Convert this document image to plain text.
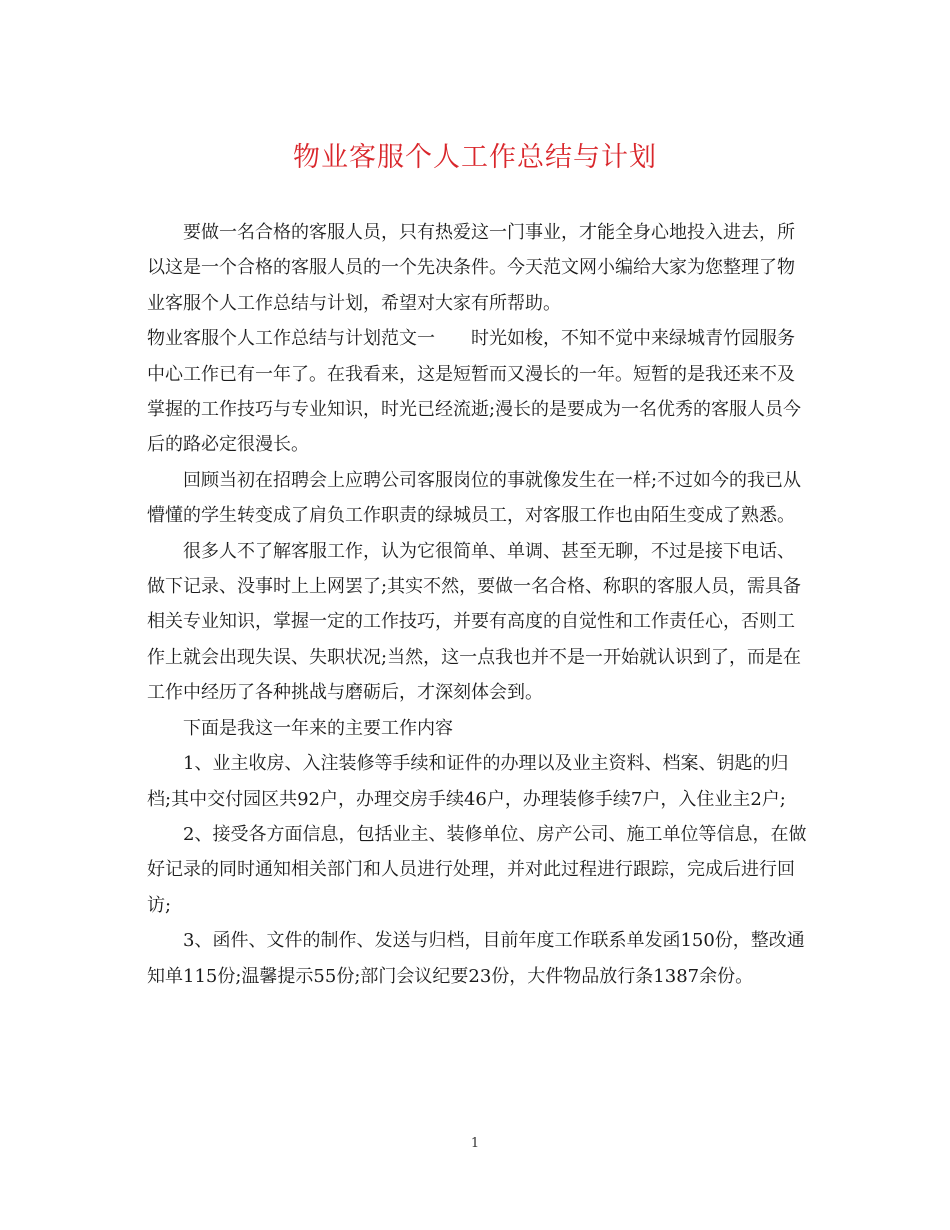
物业客服个人工作总结与计划

要做一名合格的客服人员，只有热爱这一门事业，才能全身心地投入进去，所以这是一个合格的客服人员的一个先决条件。今天范文网小编给大家为您整理了物业客服个人工作总结与计划，希望对大家有所帮助。

物业客服个人工作总结与计划范文一　　时光如梭，不知不觉中来绿城青竹园服务中心工作已有一年了。在我看来，这是短暂而又漫长的一年。短暂的是我还来不及掌握的工作技巧与专业知识，时光已经流逝;漫长的是要成为一名优秀的客服人员今后的路必定很漫长。

回顾当初在招聘会上应聘公司客服岗位的事就像发生在一样;不过如今的我已从懵懂的学生转变成了肩负工作职责的绿城员工，对客服工作也由陌生变成了熟悉。

很多人不了解客服工作，认为它很简单、单调、甚至无聊，不过是接下电话、做下记录、没事时上上网罢了;其实不然，要做一名合格、称职的客服人员，需具备相关专业知识，掌握一定的工作技巧，并要有高度的自觉性和工作责任心，否则工作上就会出现失误、失职状况;当然，这一点我也并不是一开始就认识到了，而是在工作中经历了各种挑战与磨砺后，才深刻体会到。

下面是我这一年来的主要工作内容

1、业主收房、入注装修等手续和证件的办理以及业主资料、档案、钥匙的归档;其中交付园区共92户，办理交房手续46户，办理装修手续7户，入住业主2户;

2、接受各方面信息，包括业主、装修单位、房产公司、施工单位等信息，在做好记录的同时通知相关部门和人员进行处理，并对此过程进行跟踪，完成后进行回访;

3、函件、文件的制作、发送与归档，目前年度工作联系单发函150份，整改通知单115份;温馨提示55份;部门会议纪要23份，大件物品放行条1387余份。

1
